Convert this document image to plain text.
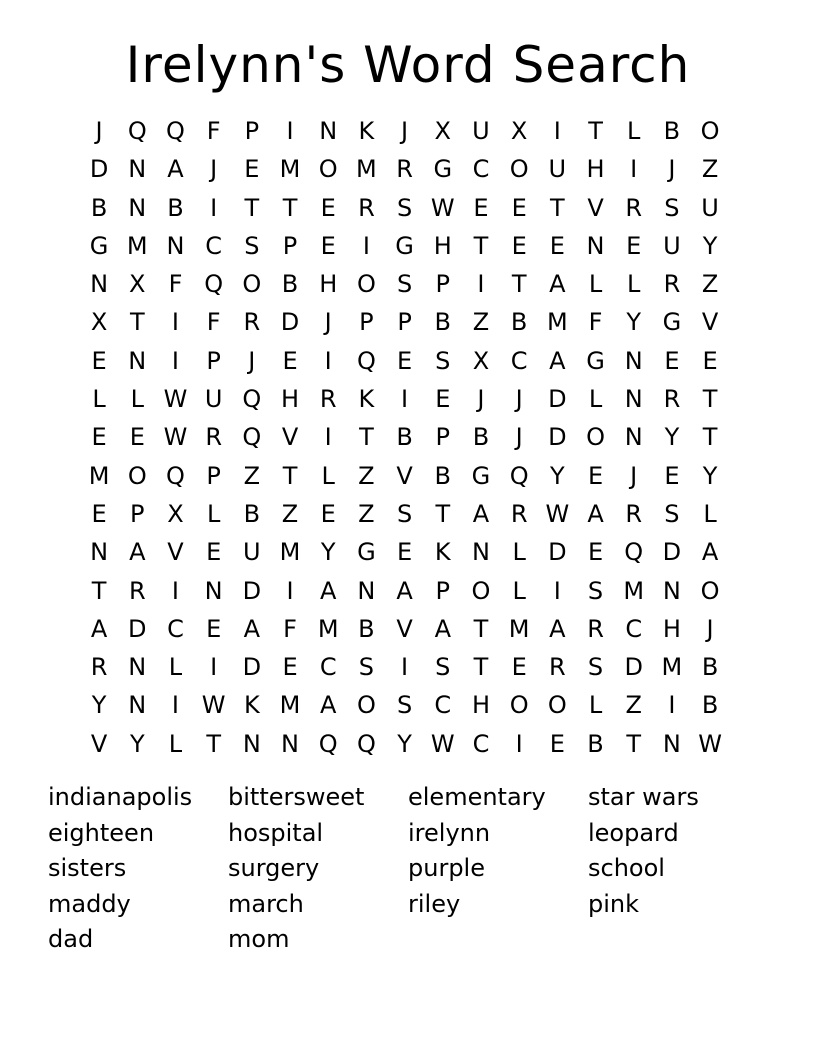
Irelynn's Word Search
J	Q Q F	P	I	N K	J	X U X	I	T	L B O
D N A	J	E M O M R G C O U H	I	J	Z
B N B	I	T T E R S W E E T V R S U
G M N C S P E	I	G H T E E N E U Y
N X F Q O B H O S P	I	T A L	L R Z
X T	I	F R D	J	P P B Z B M F Y G V
E N	I	P	J	E	I	Q E S X C A G N E E
L	L W U Q H R K	I	E	J	J	D L N R T
E E W R Q V	I	T B P B	J	D O N Y T
M O Q P Z T	L Z V B G Q Y E	J	E Y
E P X L B Z E Z S T A R W A R S L
N A V E U M Y G E K N L D E Q D A
T R	I	N D	I	A N A P O L	I	S M N O
A D C E A F M B V A T M A R C H	J
R N L	I	D E C S	I	S T E R S D M B
Y N	I W K M A O S C H O O L Z	I	B
V Y	L	T N N Q Q Y W C	I	E B T N W
indianapolis	bittersweet	elementary	star wars
eighteen	hospital	irelynn	leopard
sisters	surgery	purple	school
maddy	march	riley	pink
dad	mom
